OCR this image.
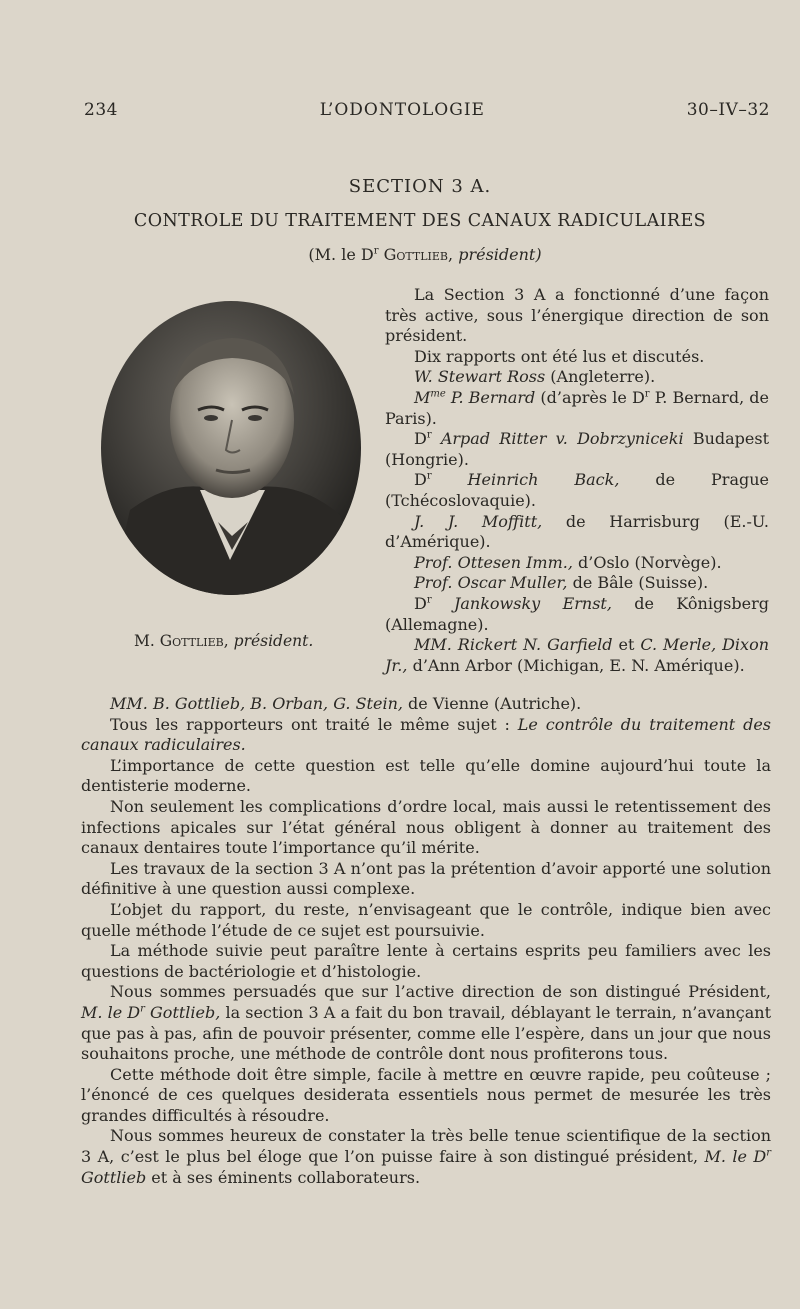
234	L’ODONTOLOGIE	30–IV–32
SECTION 3 A.
CONTROLE DU TRAITEMENT DES CANAUX RADICULAIRES
(M. le $D^r$ Gottlieb, président)
M. Gottlieb, président.

La Section 3 A a fonctionné d’une façon très active, sous l’énergique direction de son président.

Dix rapports ont été lus et discutés.

W. Stewart Ross (Angleterre).

$M^{me}$ P. Bernard (d’après le $D^r$ P. Bernard, de Paris).

$D^r$ Arpad Ritter v. Dobrzyniceki Budapest (Hongrie).

$D^r$ Heinrich Back, de Prague (Tchécoslovaquie).

J. J. Moffitt, de Harrisburg (E.-U. d’Amérique).

Prof. Ottesen Imm., d’Oslo (Norvège).

Prof. Oscar Muller, de Bâle (Suisse).

$D^r$ Jankowsky Ernst, de Kônigsberg (Allemagne).

MM. Rickert N. Garfield et C. Merle, Dixon Jr., d’Ann Arbor (Michigan, E. N. Amérique).

MM. B. Gottlieb, B. Orban, G. Stein, de Vienne (Autriche).

Tous les rapporteurs ont traité le même sujet : Le contrôle du traitement des canaux radiculaires.

L’importance de cette question est telle qu’elle domine aujourd’hui toute la dentisterie moderne.

Non seulement les complications d’ordre local, mais aussi le retentissement des infections apicales sur l’état général nous obligent à donner au traitement des canaux dentaires toute l’importance qu’il mérite.

Les travaux de la section 3 A n’ont pas la prétention d’avoir apporté une solution définitive à une question aussi complexe.

L’objet du rapport, du reste, n’envisageant que le contrôle, indique bien avec quelle méthode l’étude de ce sujet est poursuivie.

La méthode suivie peut paraître lente à certains esprits peu familiers avec les questions de bactériologie et d’histologie.

Nous sommes persuadés que sur l’active direction de son distingué Président, M. le $D^r$ Gottlieb, la section 3 A a fait du bon travail, déblayant le terrain, n’avançant que pas à pas, afin de pouvoir présenter, comme elle l’espère, dans un jour que nous souhaitons proche, une méthode de contrôle dont nous profiterons tous.

Cette méthode doit être simple, facile à mettre en œuvre rapide, peu coûteuse ; l’énoncé de ces quelques desiderata essentiels nous permet de mesurée les très grandes difficultés à résoudre.

Nous sommes heureux de constater la très belle tenue scientifique de la section 3 A, c’est le plus bel éloge que l’on puisse faire à son distingué président, M. le $D^r$ Gottlieb et à ses éminents collaborateurs.
